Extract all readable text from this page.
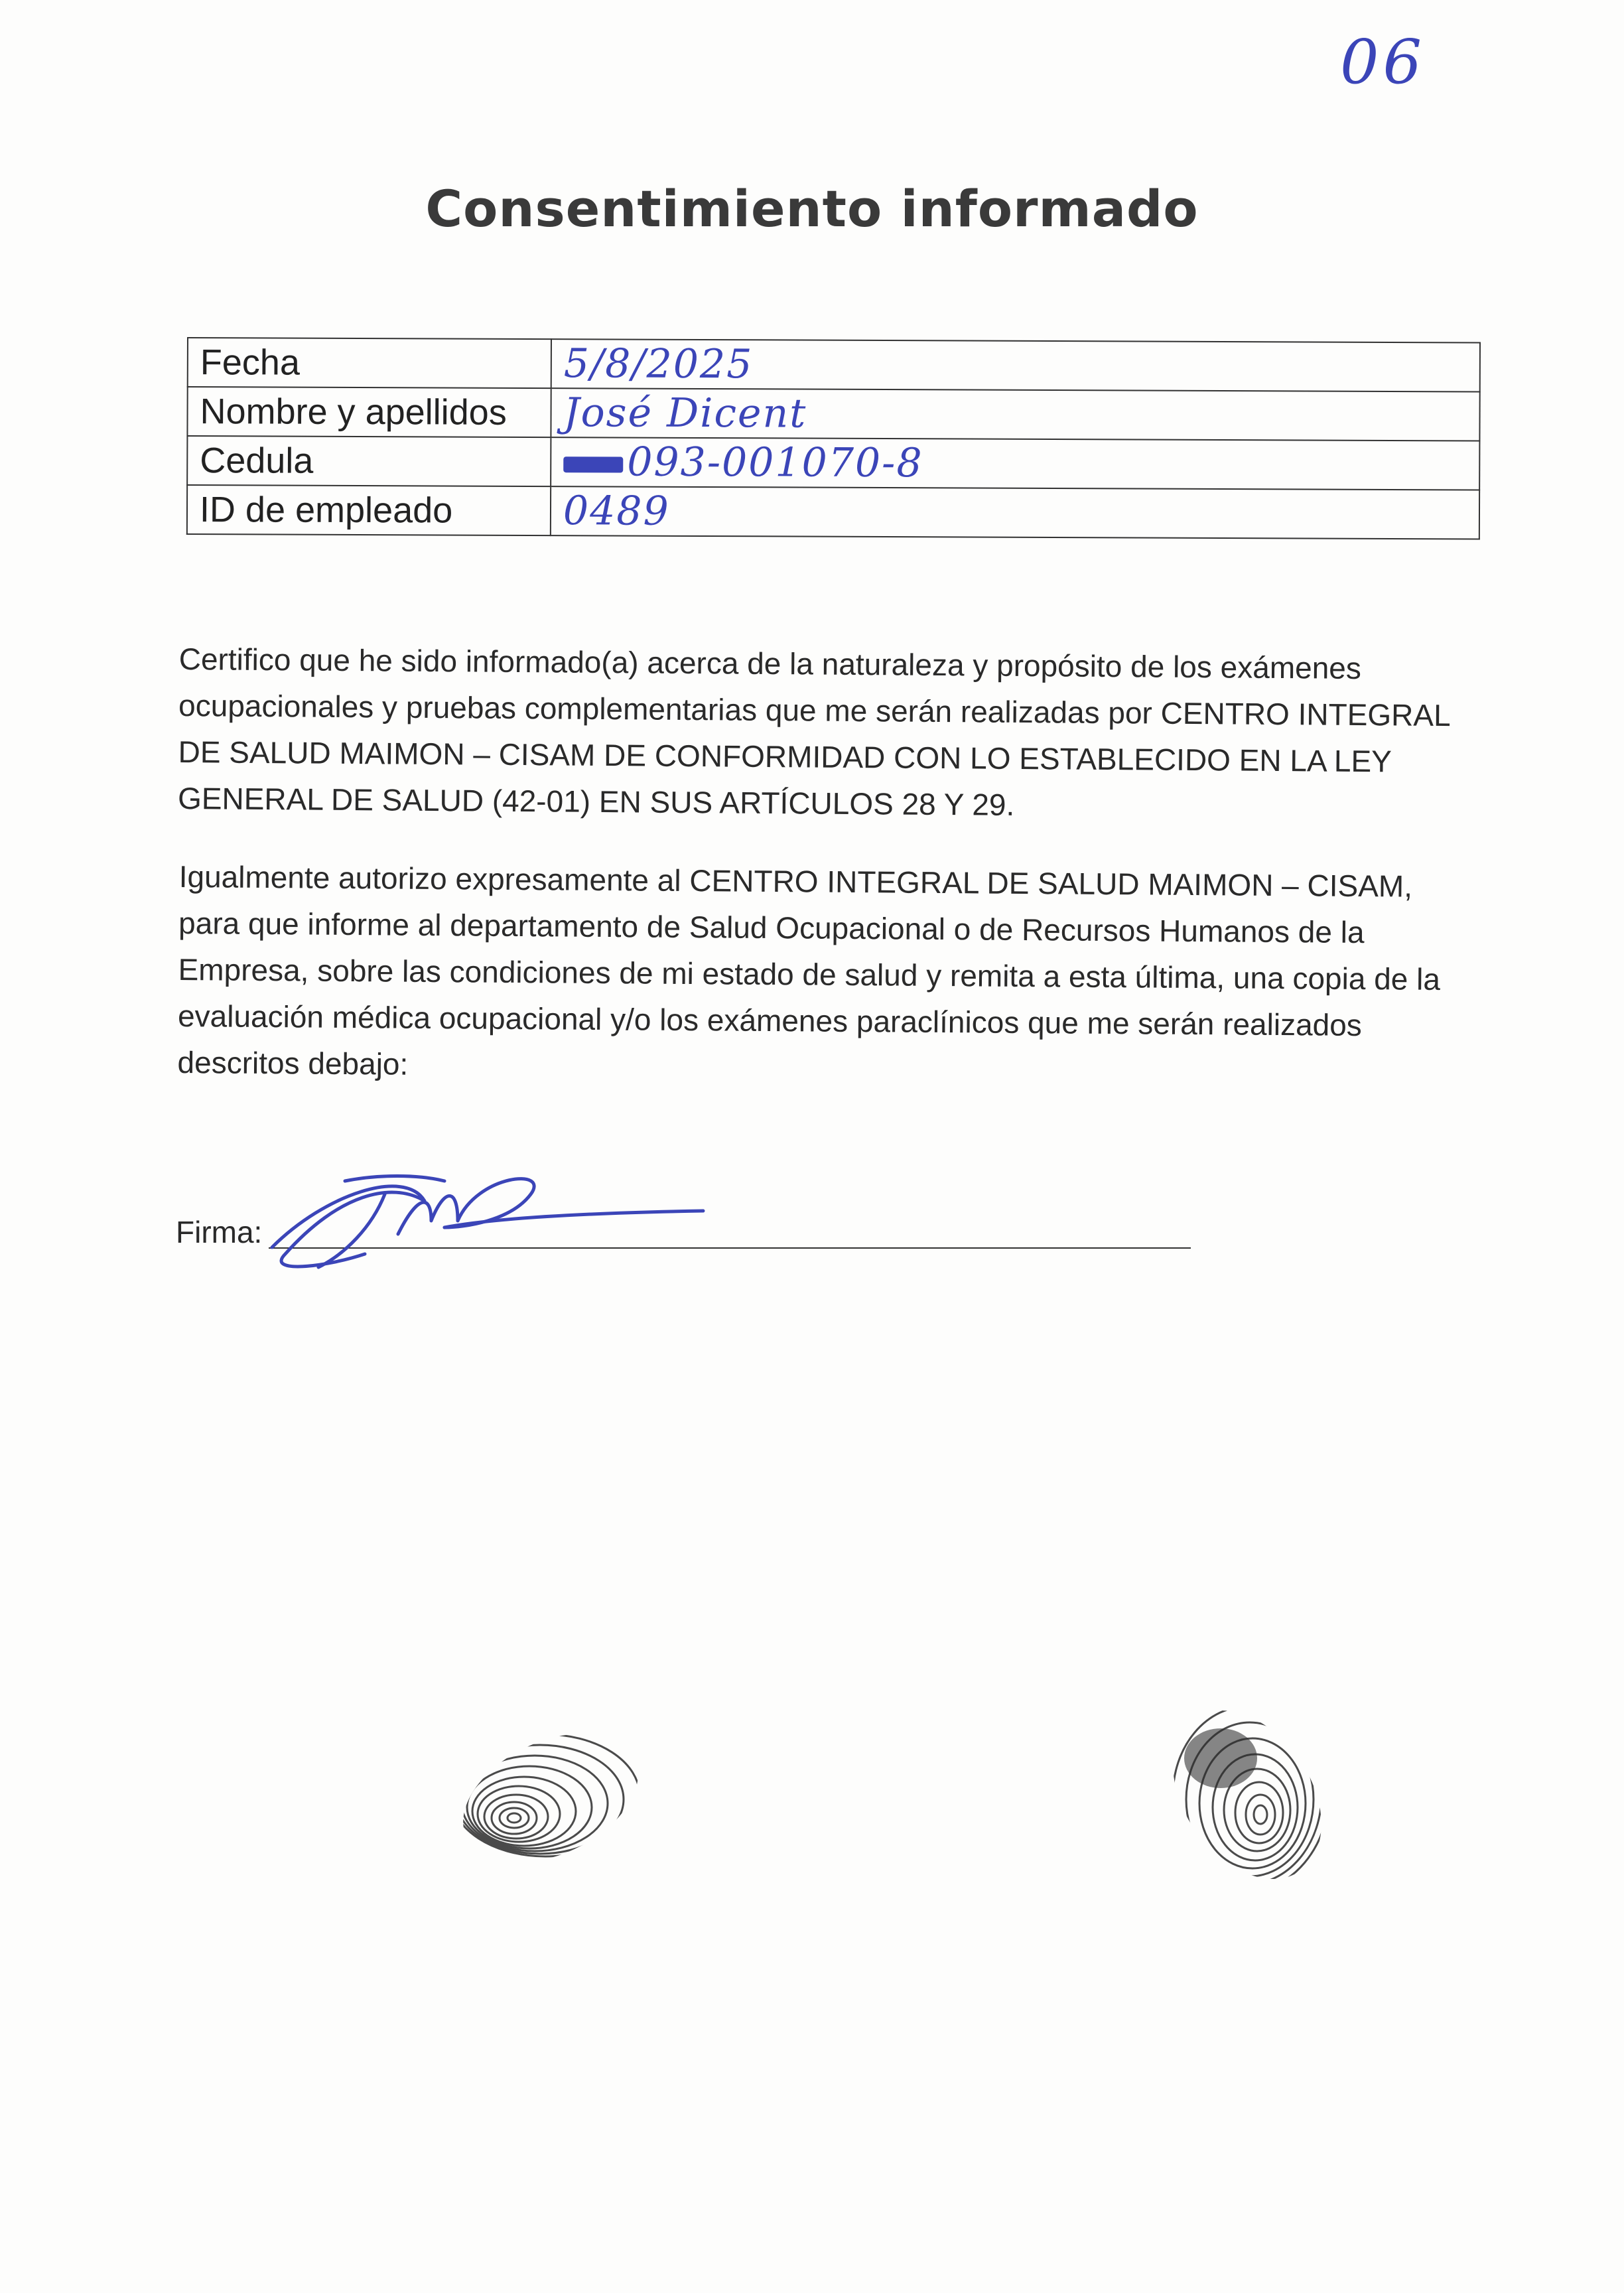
06
Consentimiento informado
Fecha	5/8/2025
Nombre y apellidos	José Dicent
Cedula	093-001070-8
ID de empleado	0489

Certifico que he sido informado(a) acerca de la naturaleza y propósito de los exámenes ocupacionales y pruebas complementarias que me serán realizadas por CENTRO INTEGRAL DE SALUD MAIMON – CISAM DE CONFORMIDAD CON LO ESTABLECIDO EN LA LEY GENERAL DE SALUD (42-01) EN SUS ARTÍCULOS 28 Y 29.

Igualmente autorizo expresamente al CENTRO INTEGRAL DE SALUD MAIMON – CISAM, para que informe al departamento de Salud Ocupacional o de Recursos Humanos de la Empresa, sobre las condiciones de mi estado de salud y remita a esta última, una copia de la evaluación médica ocupacional y/o los exámenes paraclínicos que me serán realizados descritos debajo:

Firma:
